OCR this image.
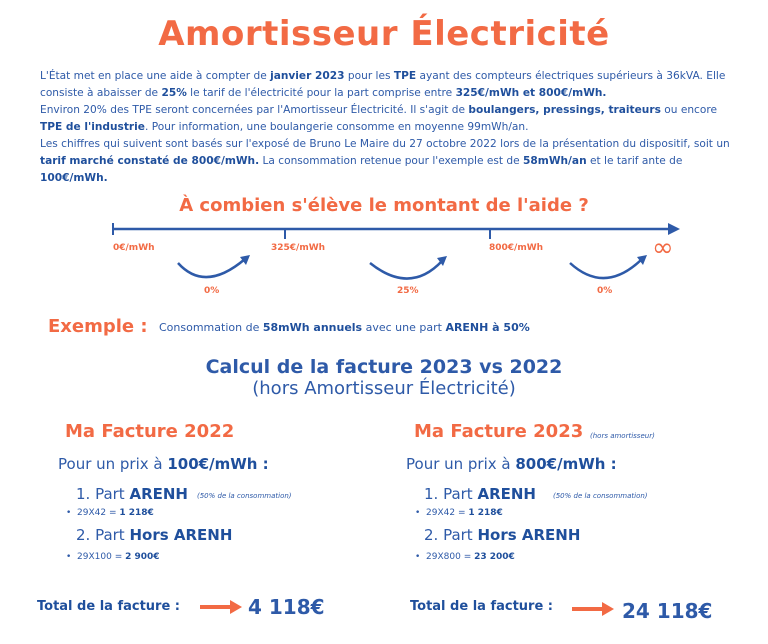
Amortisseur Électricité
L'État met en place une aide à compter de janvier 2023 pour les TPE ayant des compteurs électriques supérieurs à 36kVA. Elle consiste à abaisser de 25% le tarif de l'électricité pour la part comprise entre 325€/mWh et 800€/mWh.
Environ 20% des TPE seront concernées par l'Amortisseur Électricité. Il s'agit de boulangers, pressings, traiteurs ou encore TPE de l'industrie. Pour information, une boulangerie consomme en moyenne 99mWh/an.
Les chiffres qui suivent sont basés sur l'exposé de Bruno Le Maire du 27 octobre 2022 lors de la présentation du dispositif, soit un tarif marché constaté de 800€/mWh. La consommation retenue pour l'exemple est de 58mWh/an et le tarif ante de 100€/mWh.
À combien s'élève le montant de l'aide ?
0€/mWh	325€/mWh	800€/mWh	∞
0%	25%	0%
Exemple : Consommation de 58mWh annuels avec une part ARENH à 50%
Calcul de la facture 2023 vs 2022
(hors Amortisseur Électricité)
Ma Facture 2022
Pour un prix à 100€/mWh :
1. Part ARENH (50% de la consommation)
•  29X42 = 1 218€
2. Part Hors ARENH
•  29X100 = 2 900€
Total de la facture :	4 118€
Ma Facture 2023 (hors amortisseur)
Pour un prix à 800€/mWh :
1. Part ARENH (50% de la consommation)
•  29X42 = 1 218€
2. Part Hors ARENH
•  29X800 = 23 200€
Total de la facture :	24 118€
